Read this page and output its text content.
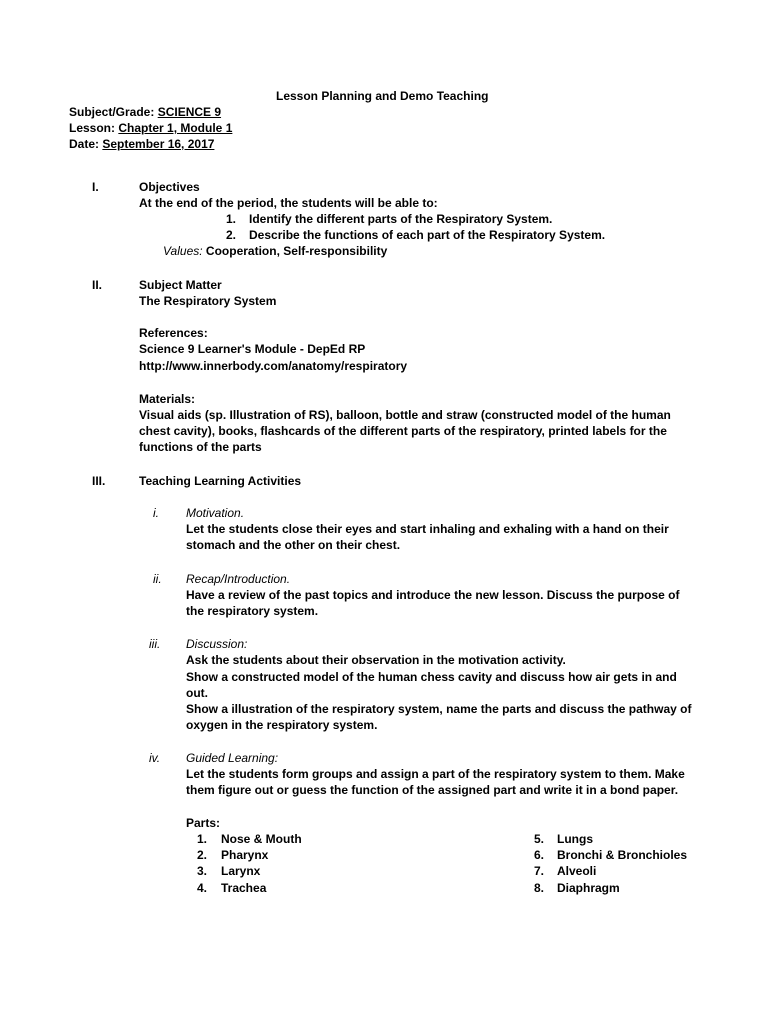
Lesson Planning and Demo Teaching
Subject/Grade: SCIENCE 9
Lesson: Chapter 1, Module 1
Date: September 16, 2017
I.	Objectives
At the end of the period, the students will be able to:
1. Identify the different parts of the Respiratory System.
2. Describe the functions of each part of the Respiratory System.
Values: Cooperation, Self-responsibility
II.	Subject Matter
The Respiratory System
References:
Science 9 Learner's Module - DepEd RP
http://www.innerbody.com/anatomy/respiratory
Materials:
Visual aids (sp. Illustration of RS), balloon, bottle and straw (constructed model of the human
chest cavity), books, flashcards of the different parts of the respiratory, printed labels for the
functions of the parts
III.	Teaching Learning Activities
i. Motivation.
Let the students close their eyes and start inhaling and exhaling with a hand on their
stomach and the other on their chest.
ii. Recap/Introduction.
Have a review of the past topics and introduce the new lesson. Discuss the purpose of
the respiratory system.
iii. Discussion:
Ask the students about their observation in the motivation activity.
Show a constructed model of the human chess cavity and discuss how air gets in and
out.
Show a illustration of the respiratory system, name the parts and discuss the pathway of
oxygen in the respiratory system.
iv. Guided Learning:
Let the students form groups and assign a part of the respiratory system to them. Make
them figure out or guess the function of the assigned part and write it in a bond paper.
Parts:
1. Nose & Mouth
2. Pharynx
3. Larynx
4. Trachea
5. Lungs
6. Bronchi & Bronchioles
7. Alveoli
8. Diaphragm
